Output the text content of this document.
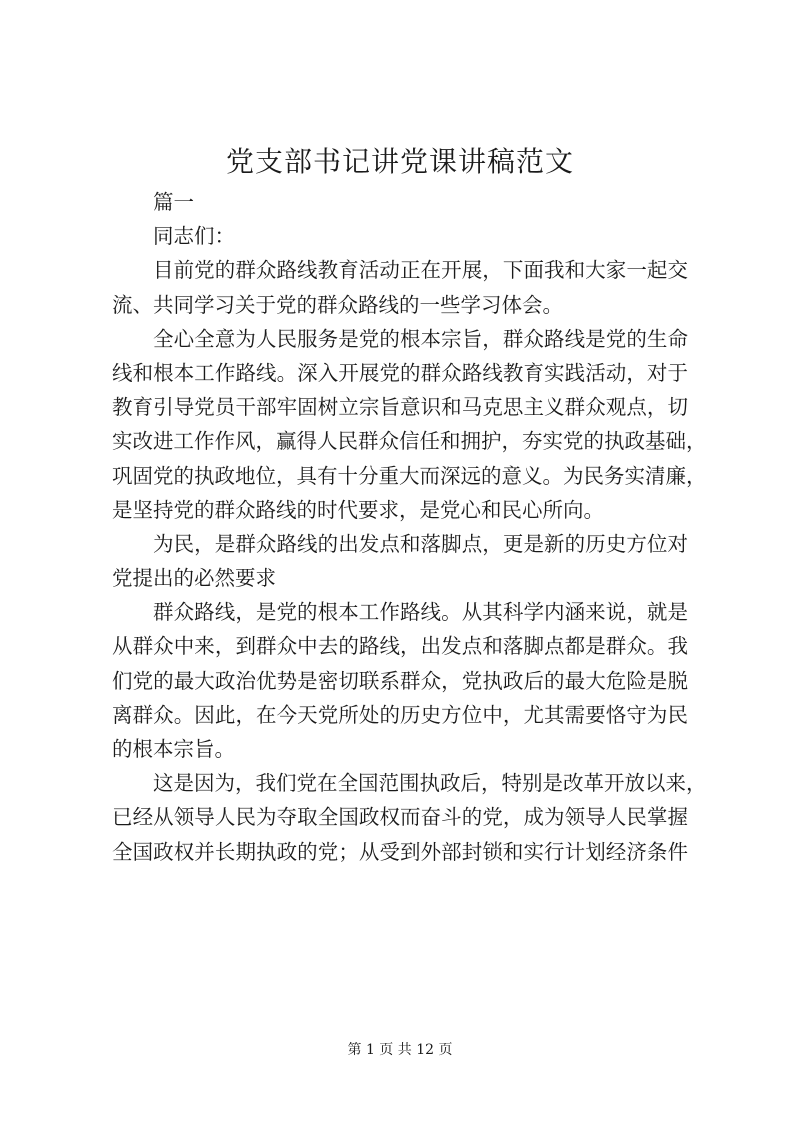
党支部书记讲党课讲稿范文
篇一
同志们：
目前党的群众路线教育活动正在开展，下面我和大家一起交
流、共同学习关于党的群众路线的一些学习体会。
全心全意为人民服务是党的根本宗旨，群众路线是党的生命
线和根本工作路线。深入开展党的群众路线教育实践活动，对于
教育引导党员干部牢固树立宗旨意识和马克思主义群众观点，切
实改进工作作风，赢得人民群众信任和拥护，夯实党的执政基础，
巩固党的执政地位，具有十分重大而深远的意义。为民务实清廉，
是坚持党的群众路线的时代要求，是党心和民心所向。
为民，是群众路线的出发点和落脚点，更是新的历史方位对
党提出的必然要求
群众路线，是党的根本工作路线。从其科学内涵来说，就是
从群众中来，到群众中去的路线，出发点和落脚点都是群众。我
们党的最大政治优势是密切联系群众，党执政后的最大危险是脱
离群众。因此，在今天党所处的历史方位中，尤其需要恪守为民
的根本宗旨。
这是因为，我们党在全国范围执政后，特别是改革开放以来，
已经从领导人民为夺取全国政权而奋斗的党，成为领导人民掌握
全国政权并长期执政的党；从受到外部封锁和实行计划经济条件
第 1 页 共 12 页
